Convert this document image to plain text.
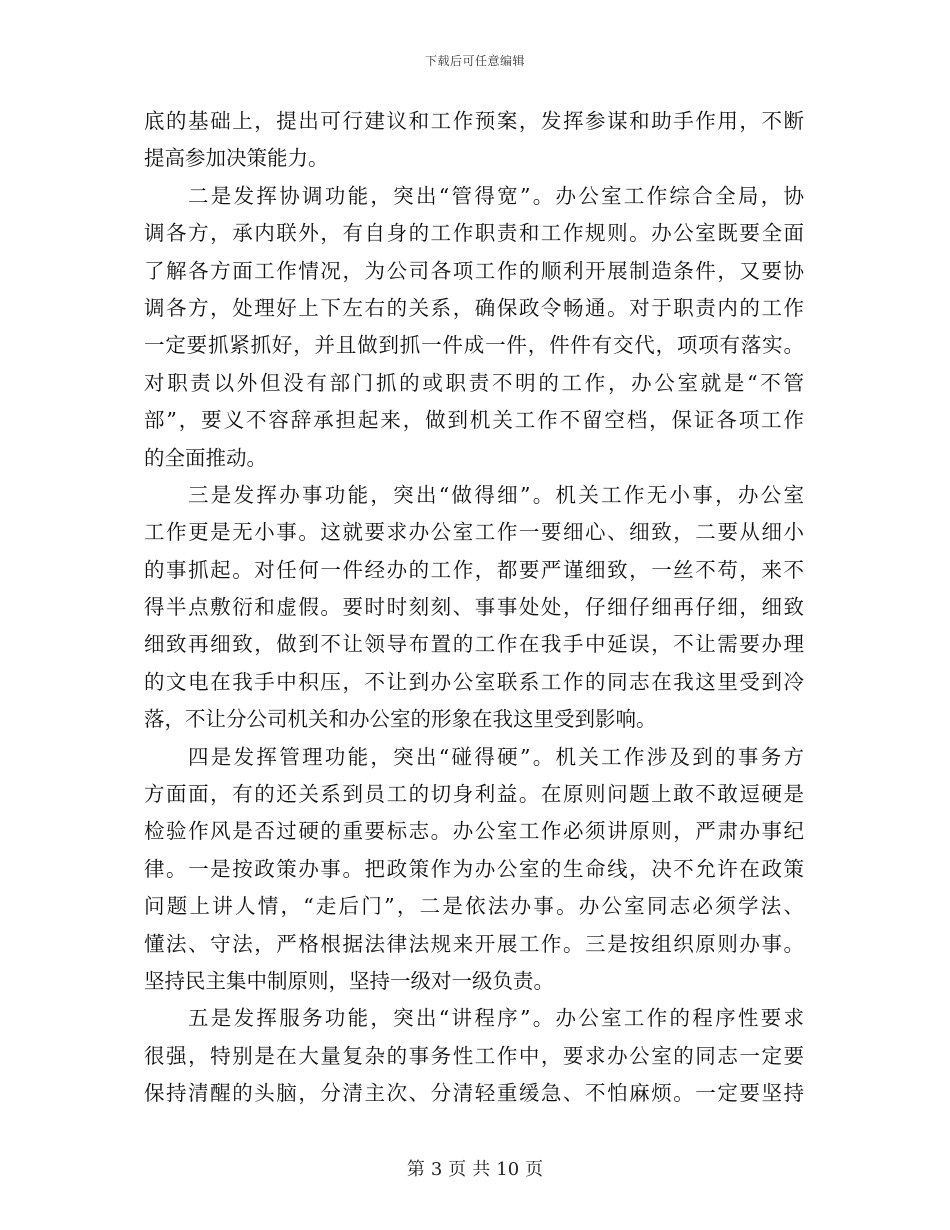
下载后可任意编辑
底的基础上，提出可行建议和工作预案，发挥参谋和助手作用，不断
提高参加决策能力。
二是发挥协调功能，突出“管得宽”。办公室工作综合全局，协
调各方，承内联外，有自身的工作职责和工作规则。办公室既要全面
了解各方面工作情况，为公司各项工作的顺利开展制造条件，又要协
调各方，处理好上下左右的关系，确保政令畅通。对于职责内的工作
一定要抓紧抓好，并且做到抓一件成一件，件件有交代，项项有落实。
对职责以外但没有部门抓的或职责不明的工作，办公室就是“不管
部”，要义不容辞承担起来，做到机关工作不留空档，保证各项工作
的全面推动。
三是发挥办事功能，突出“做得细”。机关工作无小事，办公室
工作更是无小事。这就要求办公室工作一要细心、细致，二要从细小
的事抓起。对任何一件经办的工作，都要严谨细致，一丝不苟，来不
得半点敷衍和虚假。要时时刻刻、事事处处，仔细仔细再仔细，细致
细致再细致，做到不让领导布置的工作在我手中延误，不让需要办理
的文电在我手中积压，不让到办公室联系工作的同志在我这里受到冷
落，不让分公司机关和办公室的形象在我这里受到影响。
四是发挥管理功能，突出“碰得硬”。机关工作涉及到的事务方
方面面，有的还关系到员工的切身利益。在原则问题上敢不敢逗硬是
检验作风是否过硬的重要标志。办公室工作必须讲原则，严肃办事纪
律。一是按政策办事。把政策作为办公室的生命线，决不允许在政策
问题上讲人情，“走后门”，二是依法办事。办公室同志必须学法、
懂法、守法，严格根据法律法规来开展工作。三是按组织原则办事。
坚持民主集中制原则，坚持一级对一级负责。
五是发挥服务功能，突出“讲程序”。办公室工作的程序性要求
很强，特别是在大量复杂的事务性工作中，要求办公室的同志一定要
保持清醒的头脑，分清主次、分清轻重缓急、不怕麻烦。一定要坚持
第 3 页 共 10 页
